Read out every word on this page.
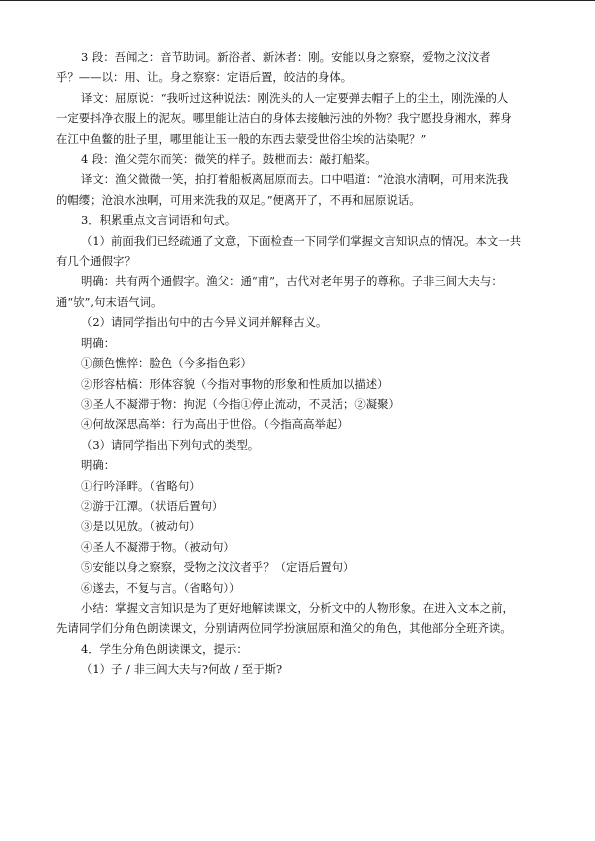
3 段：吾闻之：音节助词。新浴者、新沐者：刚。安能以身之察察，爱物之汶汶者

乎？——以：用、让。身之察察：定语后置，皎洁的身体。

译文：屈原说：“我听过这种说法：刚洗头的人一定要弹去帽子上的尘土，刚洗澡的人

一定要抖净衣服上的泥灰。哪里能让洁白的身体去接触污浊的外物？我宁愿投身湘水，葬身

在江中鱼鳖的肚子里，哪里能让玉一般的东西去蒙受世俗尘埃的沾染呢？”

4 段：渔父莞尔而笑：微笑的样子。鼓枻而去：敲打船桨。

译文：渔父微微一笑，拍打着船板离屈原而去。口中唱道：“沧浪水清啊，可用来洗我

的帽缨；沧浪水浊啊，可用来洗我的双足。”便离开了，不再和屈原说话。

3．积累重点文言词语和句式。

（1）前面我们已经疏通了文意，下面检查一下同学们掌握文言知识点的情况。本文一共

有几个通假字？

明确：共有两个通假字。渔父：通“甫”，古代对老年男子的尊称。子非三闾大夫与：

通“欤”,句末语气词。

（2）请同学指出句中的古今异义词并解释古义。

明确：

①颜色憔悴：脸色（今多指色彩）

②形容枯槁：形体容貌（今指对事物的形象和性质加以描述）

③圣人不凝滞于物：拘泥（今指①停止流动，不灵活；②凝聚）

④何故深思高举：行为高出于世俗。（今指高高举起）

（3）请同学指出下列句式的类型。

明确：

①行吟泽畔。（省略句）

②游于江潭。（状语后置句）

③是以见放。（被动句）

④圣人不凝滞于物。（被动句）

⑤安能以身之察察，受物之汶汶者乎？（定语后置句）

⑥遂去，不复与言。（省略句））

小结：掌握文言知识是为了更好地解读课文，分析文中的人物形象。在进入文本之前，

先请同学们分角色朗读课文，分别请两位同学扮演屈原和渔父的角色，其他部分全班齐读。

4．学生分角色朗读课文，提示：

（1）子 / 非三闾大夫与?何故 / 至于斯?
